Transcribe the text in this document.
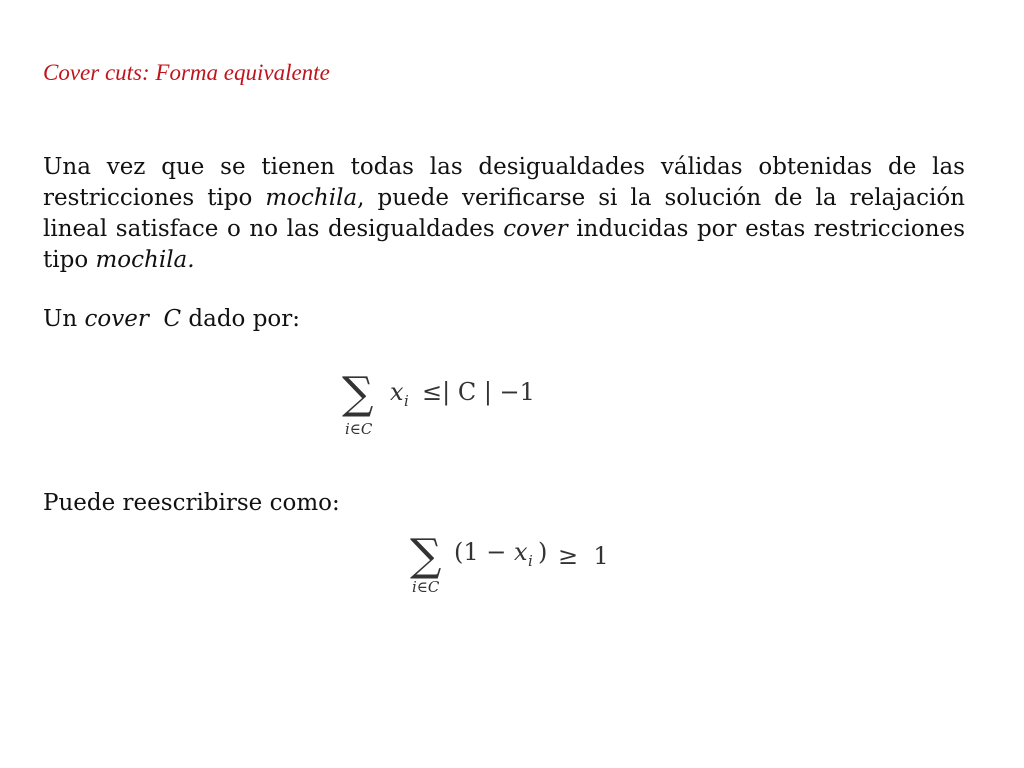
Cover cuts: Forma equivalente
Una vez que se tienen todas las desigualdades válidas obtenidas de las restricciones tipo mochila, puede verificarse si la solución de la relajación lineal satisface o no las desigualdades cover inducidas por estas restricciones tipo mochila.
Un cover  C dado por:
∑
i∈C
x i ≤| C | −1
Puede reescribirse como:
∑
i∈C
(1 − x i ) ≥  1
